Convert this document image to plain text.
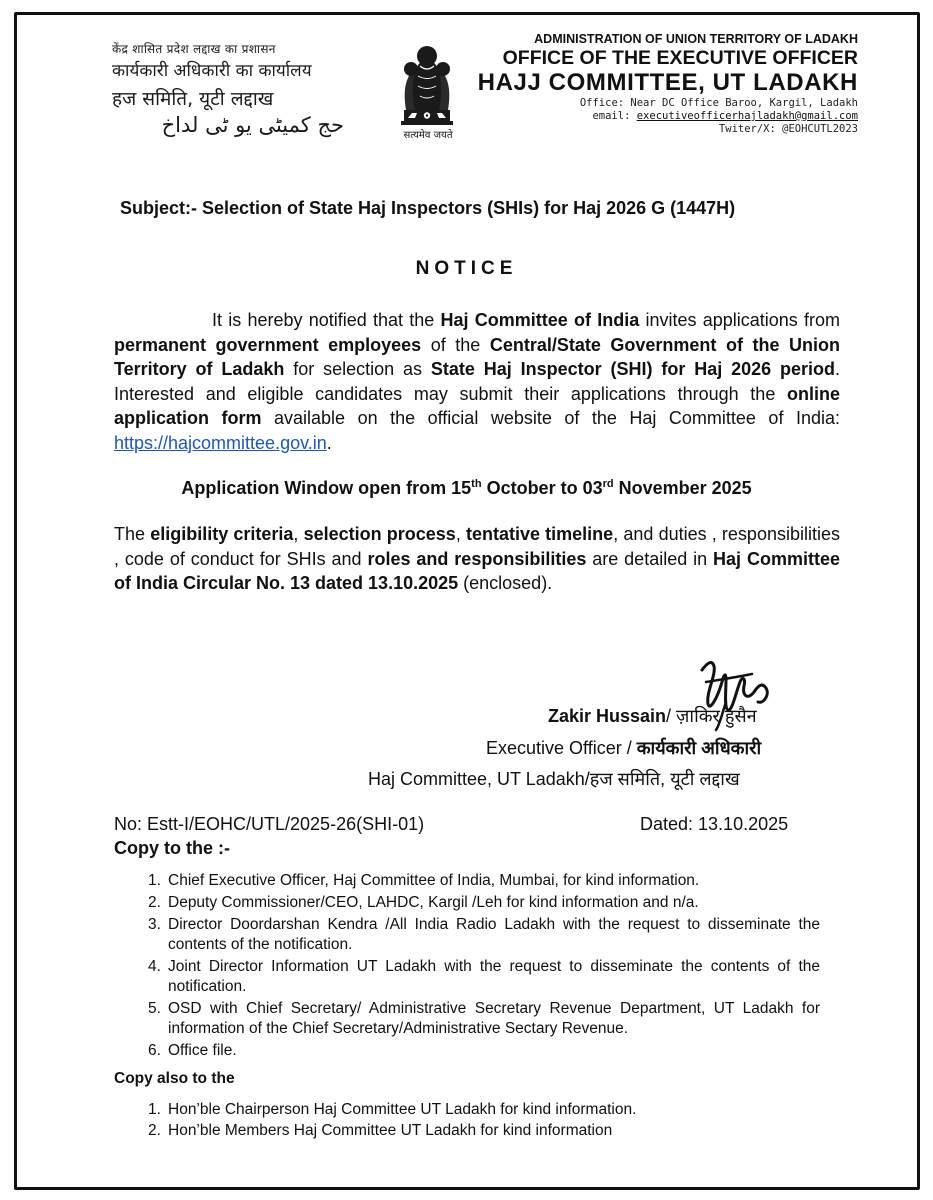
केंद्र शासित प्रदेश लद्दाख का प्रशासन
कार्यकारी अधिकारी का कार्यालय
हज समिति, यूटी लद्दाख
حج کمیٹی یو ٹی لداخ	सत्यमेव जयते
ADMINISTRATION OF UNION TERRITORY OF LADAKH
OFFICE OF THE EXECUTIVE OFFICER
HAJJ COMMITTEE, UT LADAKH
Office: Near DC Office Baroo, Kargil, Ladakh
email: executiveofficerhajladakh@gmail.com
Twiter/X: @EOHCUTL2023
Subject:- Selection of State Haj Inspectors (SHIs) for Haj 2026 G (1447H)
NOTICE
It is hereby notified that the Haj Committee of India invites applications from permanent government employees of the Central/State Government of the Union Territory of Ladakh for selection as State Haj Inspector (SHI) for Haj 2026 period. Interested and eligible candidates may submit their applications through the online application form available on the official website of the Haj Committee of India: https://hajcommittee.gov.in.
Application Window open from 15th October to 03rd November 2025
The eligibility criteria, selection process, tentative timeline, and duties , responsibilities , code of conduct for SHIs and roles and responsibilities are detailed in Haj Committee of India Circular No. 13 dated 13.10.2025 (enclosed).
Zakir Hussain/ ज़ाकिर हुसैन
Executive Officer / कार्यकारी अधिकारी
Haj Committee, UT Ladakh/हज समिति, यूटी लद्दाख
No: Estt-I/EOHC/UTL/2025-26(SHI-01)	Dated: 13.10.2025
Copy to the :-
1. Chief Executive Officer, Haj Committee of India, Mumbai, for kind information.
2. Deputy Commissioner/CEO, LAHDC, Kargil /Leh for kind information and n/a.
3. Director Doordarshan Kendra /All India Radio Ladakh with the request to disseminate the contents of the notification.
4. Joint Director Information UT Ladakh with the request to disseminate the contents of the notification.
5. OSD with Chief Secretary/ Administrative Secretary Revenue Department, UT Ladakh for information of the Chief Secretary/Administrative Sectary Revenue.
6. Office file.
Copy also to the
1. Hon’ble Chairperson Haj Committee UT Ladakh for kind information.
2. Hon’ble Members Haj Committee UT Ladakh for kind information
